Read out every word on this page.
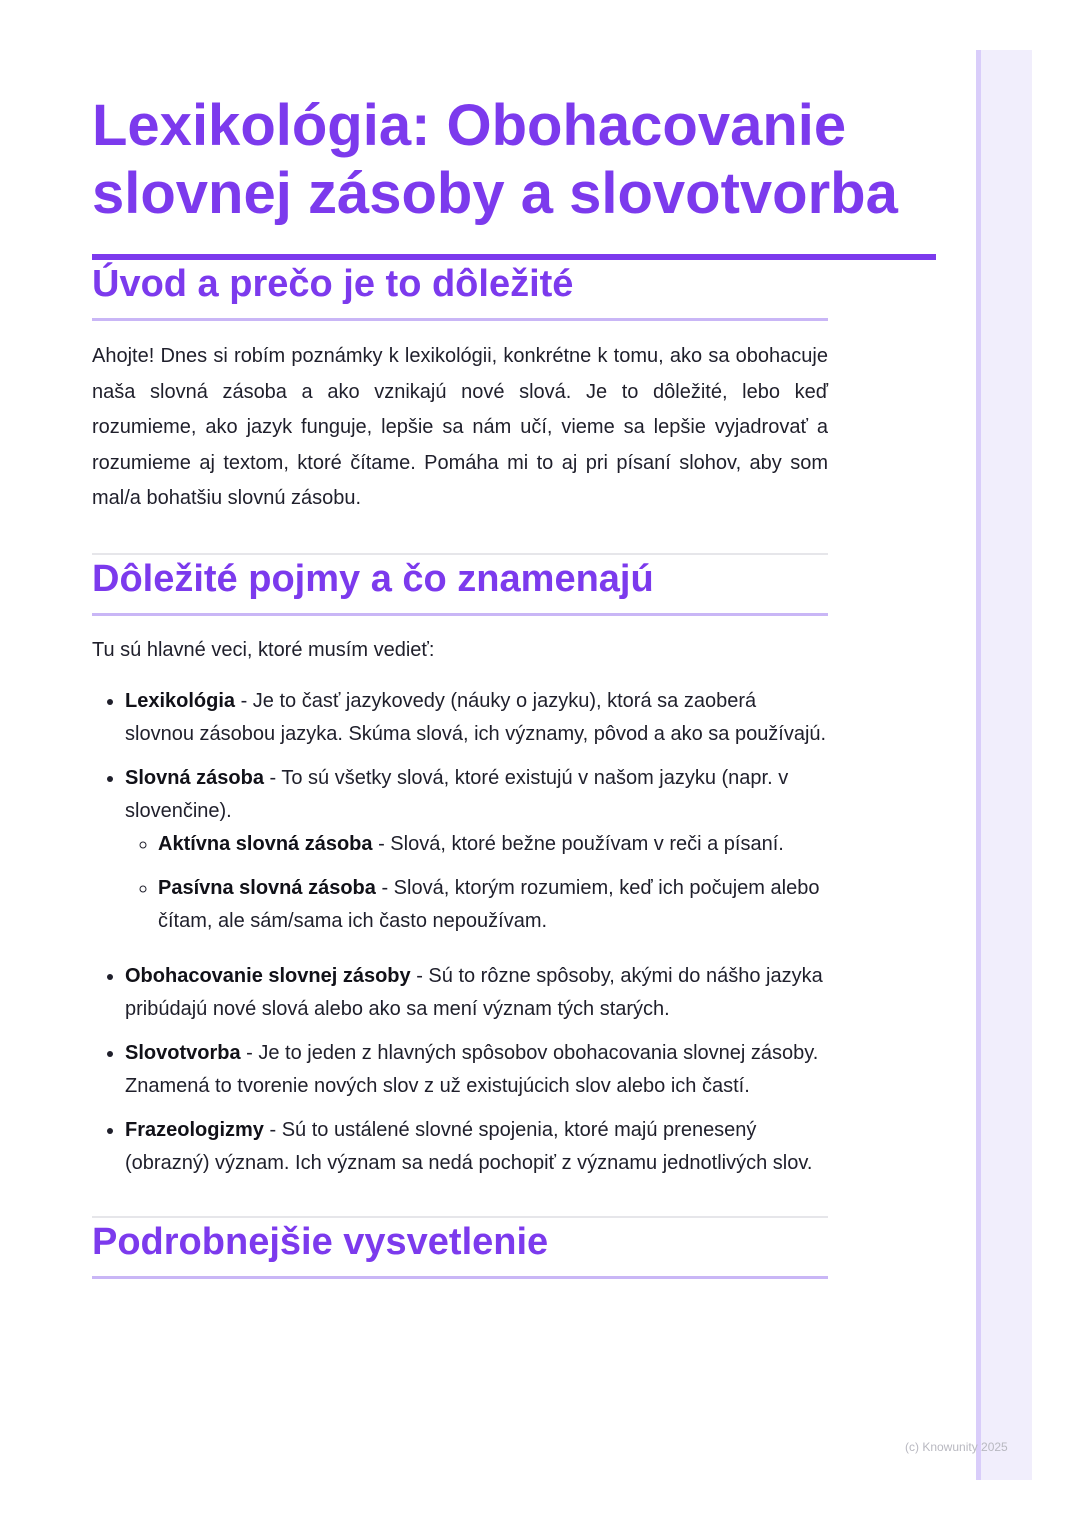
Lexikológia: Obohacovanie slovnej zásoby a slovotvorba
Úvod a prečo je to dôležité

Ahojte! Dnes si robím poznámky k lexikológii, konkrétne k tomu, ako sa obohacuje naša slovná zásoba a ako vznikajú nové slová. Je to dôležité, lebo keď rozumieme, ako jazyk funguje, lepšie sa nám učí, vieme sa lepšie vyjadrovať a rozumieme aj textom, ktoré čítame. Pomáha mi to aj pri písaní slohov, aby som mal/a bohatšiu slovnú zásobu.

Dôležité pojmy a čo znamenajú

Tu sú hlavné veci, ktoré musím vedieť:

• Lexikológia - Je to časť jazykovedy (náuky o jazyku), ktorá sa zaoberá slovnou zásobou jazyka. Skúma slová, ich významy, pôvod a ako sa používajú.
• Slovná zásoba - To sú všetky slová, ktoré existujú v našom jazyku (napr. v slovenčine).
◦ Aktívna slovná zásoba - Slová, ktoré bežne používam v reči a písaní.
◦ Pasívna slovná zásoba - Slová, ktorým rozumiem, keď ich počujem alebo čítam, ale sám/sama ich často nepoužívam.
• Obohacovanie slovnej zásoby - Sú to rôzne spôsoby, akými do nášho jazyka pribúdajú nové slová alebo ako sa mení význam tých starých.
• Slovotvorba - Je to jeden z hlavných spôsobov obohacovania slovnej zásoby. Znamená to tvorenie nových slov z už existujúcich slov alebo ich častí.
• Frazeologizmy - Sú to ustálené slovné spojenia, ktoré majú prenesený (obrazný) význam. Ich význam sa nedá pochopiť z významu jednotlivých slov.
Podrobnejšie vysvetlenie
(c) Knowunity 2025
